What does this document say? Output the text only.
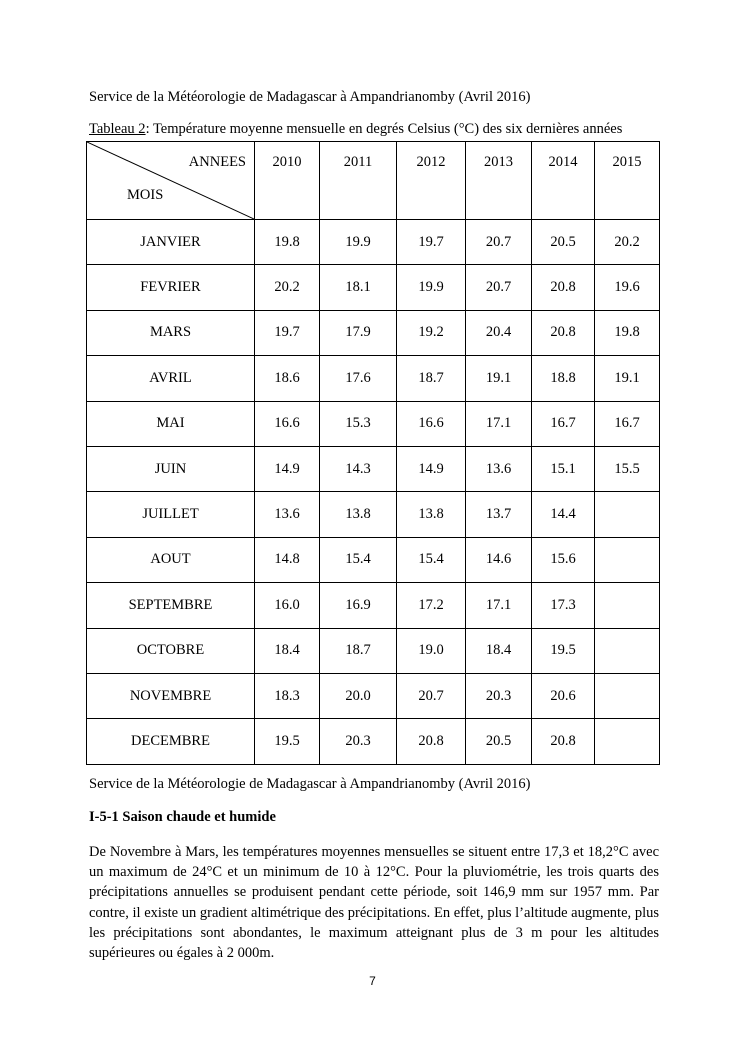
Service de la Météorologie de Madagascar à Ampandrianomby (Avril 2016)
Tableau 2: Température moyenne mensuelle en degrés Celsius (°C) des six dernières années
ANNEES
MOIS	2010	2011	2012	2013	2014	2015

JANVIER	19.8	19.9	19.7	20.7	20.5	20.2
FEVRIER	20.2	18.1	19.9	20.7	20.8	19.6
MARS	19.7	17.9	19.2	20.4	20.8	19.8
AVRIL	18.6	17.6	18.7	19.1	18.8	19.1
MAI	16.6	15.3	16.6	17.1	16.7	16.7
JUIN	14.9	14.3	14.9	13.6	15.1	15.5
JUILLET	13.6	13.8	13.8	13.7	14.4	
AOUT	14.8	15.4	15.4	14.6	15.6	
SEPTEMBRE	16.0	16.9	17.2	17.1	17.3	
OCTOBRE	18.4	18.7	19.0	18.4	19.5	
NOVEMBRE	18.3	20.0	20.7	20.3	20.6	
DECEMBRE	19.5	20.3	20.8	20.5	20.8	
Service de la Météorologie de Madagascar à Ampandrianomby (Avril 2016)
I-5-1 Saison chaude et humide

De Novembre à Mars, les températures moyennes mensuelles se situent entre 17,3 et 18,2°C avec un maximum de 24°C et un minimum de 10 à 12°C. Pour la pluviométrie, les trois quarts des précipitations annuelles se produisent pendant cette période, soit 146,9 mm sur 1957 mm. Par contre, il existe un gradient altimétrique des précipitations. En effet, plus l’altitude augmente, plus les précipitations sont abondantes, le maximum atteignant plus de 3 m pour les altitudes supérieures ou égales à 2 000m.

7
